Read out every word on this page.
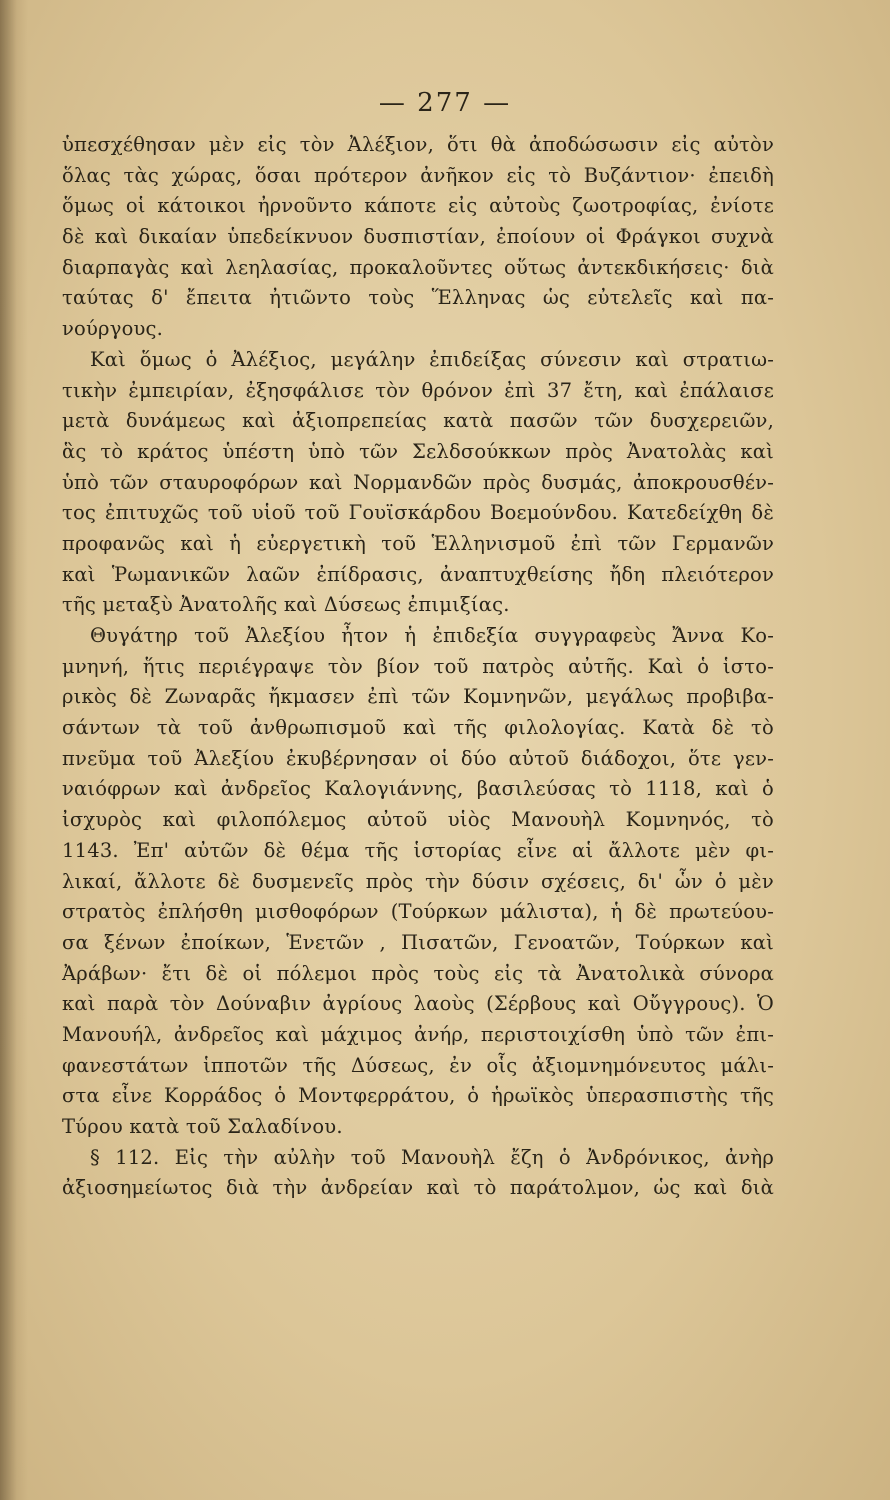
— 277 —
ὑπεσχέθησαν μὲν εἰς τὸν Ἀλέξιον, ὅτι θὰ ἀποδώσωσιν εἰς αὐτὸν
ὅλας τὰς χώρας, ὅσαι πρότερον ἀνῆκον εἰς τὸ Βυζάντιον· ἐπειδὴ
ὅμως οἱ κάτοικοι ἠρνοῦντο κάποτε εἰς αὐτοὺς ζωοτροφίας, ἐνίοτε
δὲ καὶ δικαίαν ὑπεδείκνυον δυσπιστίαν, ἐποίουν οἱ Φράγκοι συχνὰ
διαρπαγὰς καὶ λεηλασίας, προκαλοῦντες οὕτως ἀντεκδικήσεις· διὰ
ταύτας δ' ἔπειτα ἠτιῶντο τοὺς Ἕλληνας ὡς εὐτελεῖς καὶ πα-
νούργους.
Καὶ ὅμως ὁ Ἀλέξιος, μεγάλην ἐπιδείξας σύνεσιν καὶ στρατιω-
τικὴν ἐμπειρίαν, ἐξησφάλισε τὸν θρόνον ἐπὶ 37 ἔτη, καὶ ἐπάλαισε
μετὰ δυνάμεως καὶ ἀξιοπρεπείας κατὰ πασῶν τῶν δυσχερειῶν,
ἃς τὸ κράτος ὑπέστη ὑπὸ τῶν Σελδσούκκων πρὸς Ἀνατολὰς καὶ
ὑπὸ τῶν σταυροφόρων καὶ Νορμανδῶν πρὸς δυσμάς, ἀποκρουσθέν-
τος ἐπιτυχῶς τοῦ υἱοῦ τοῦ Γουϊσκάρδου Βοεμούνδου. Κατεδείχθη δὲ
προφανῶς καὶ ἡ εὐεργετικὴ τοῦ Ἑλληνισμοῦ ἐπὶ τῶν Γερμανῶν
καὶ Ῥωμανικῶν λαῶν ἐπίδρασις, ἀναπτυχθείσης ἤδη πλειότερον
τῆς μεταξὺ Ἀνατολῆς καὶ Δύσεως ἐπιμιξίας.
Θυγάτηρ τοῦ Ἀλεξίου ἦτον ἡ ἐπιδεξία συγγραφεὺς Ἄννα Κο-
μνηνή, ἥτις περιέγραψε τὸν βίον τοῦ πατρὸς αὐτῆς. Καὶ ὁ ἱστο-
ρικὸς δὲ Ζωναρᾶς ἤκμασεν ἐπὶ τῶν Κομνηνῶν, μεγάλως προβιβα-
σάντων τὰ τοῦ ἀνθρωπισμοῦ καὶ τῆς φιλολογίας. Κατὰ δὲ τὸ
πνεῦμα τοῦ Ἀλεξίου ἐκυβέρνησαν οἱ δύο αὐτοῦ διάδοχοι, ὅτε γεν-
ναιόφρων καὶ ἀνδρεῖος Καλογιάννης, βασιλεύσας τὸ 1118, καὶ ὁ
ἰσχυρὸς καὶ φιλοπόλεμος αὐτοῦ υἱὸς Μανουὴλ Κομνηνός, τὸ
1143. Ἐπ' αὐτῶν δὲ θέμα τῆς ἱστορίας εἶνε αἱ ἄλλοτε μὲν φι-
λικαί, ἄλλοτε δὲ δυσμενεῖς πρὸς τὴν δύσιν σχέσεις, δι' ὧν ὁ μὲν
στρατὸς ἐπλήσθη μισθοφόρων (Τούρκων μάλιστα), ἡ δὲ πρωτεύου-
σα ξένων ἐποίκων, Ἑνετῶν , Πισατῶν, Γενοατῶν, Τούρκων καὶ
Ἀράβων· ἔτι δὲ οἱ πόλεμοι πρὸς τοὺς εἰς τὰ Ἀνατολικὰ σύνορα
καὶ παρὰ τὸν Δούναβιν ἀγρίους λαοὺς (Σέρβους καὶ Οὔγγρους). Ὁ
Μανουήλ, ἀνδρεῖος καὶ μάχιμος ἀνήρ, περιστοιχίσθη ὑπὸ τῶν ἐπι-
φανεστάτων ἱπποτῶν τῆς Δύσεως, ἐν οἷς ἀξιομνημόνευτος μάλι-
στα εἶνε Κορράδος ὁ Μοντφερράτου, ὁ ἡρωϊκὸς ὑπερασπιστὴς τῆς
Τύρου κατὰ τοῦ Σαλαδίνου.
§ 112. Εἰς τὴν αὐλὴν τοῦ Μανουὴλ ἔζη ὁ Ἀνδρόνικος, ἀνὴρ
ἀξιοσημείωτος διὰ τὴν ἀνδρείαν καὶ τὸ παράτολμον, ὡς καὶ διὰ
